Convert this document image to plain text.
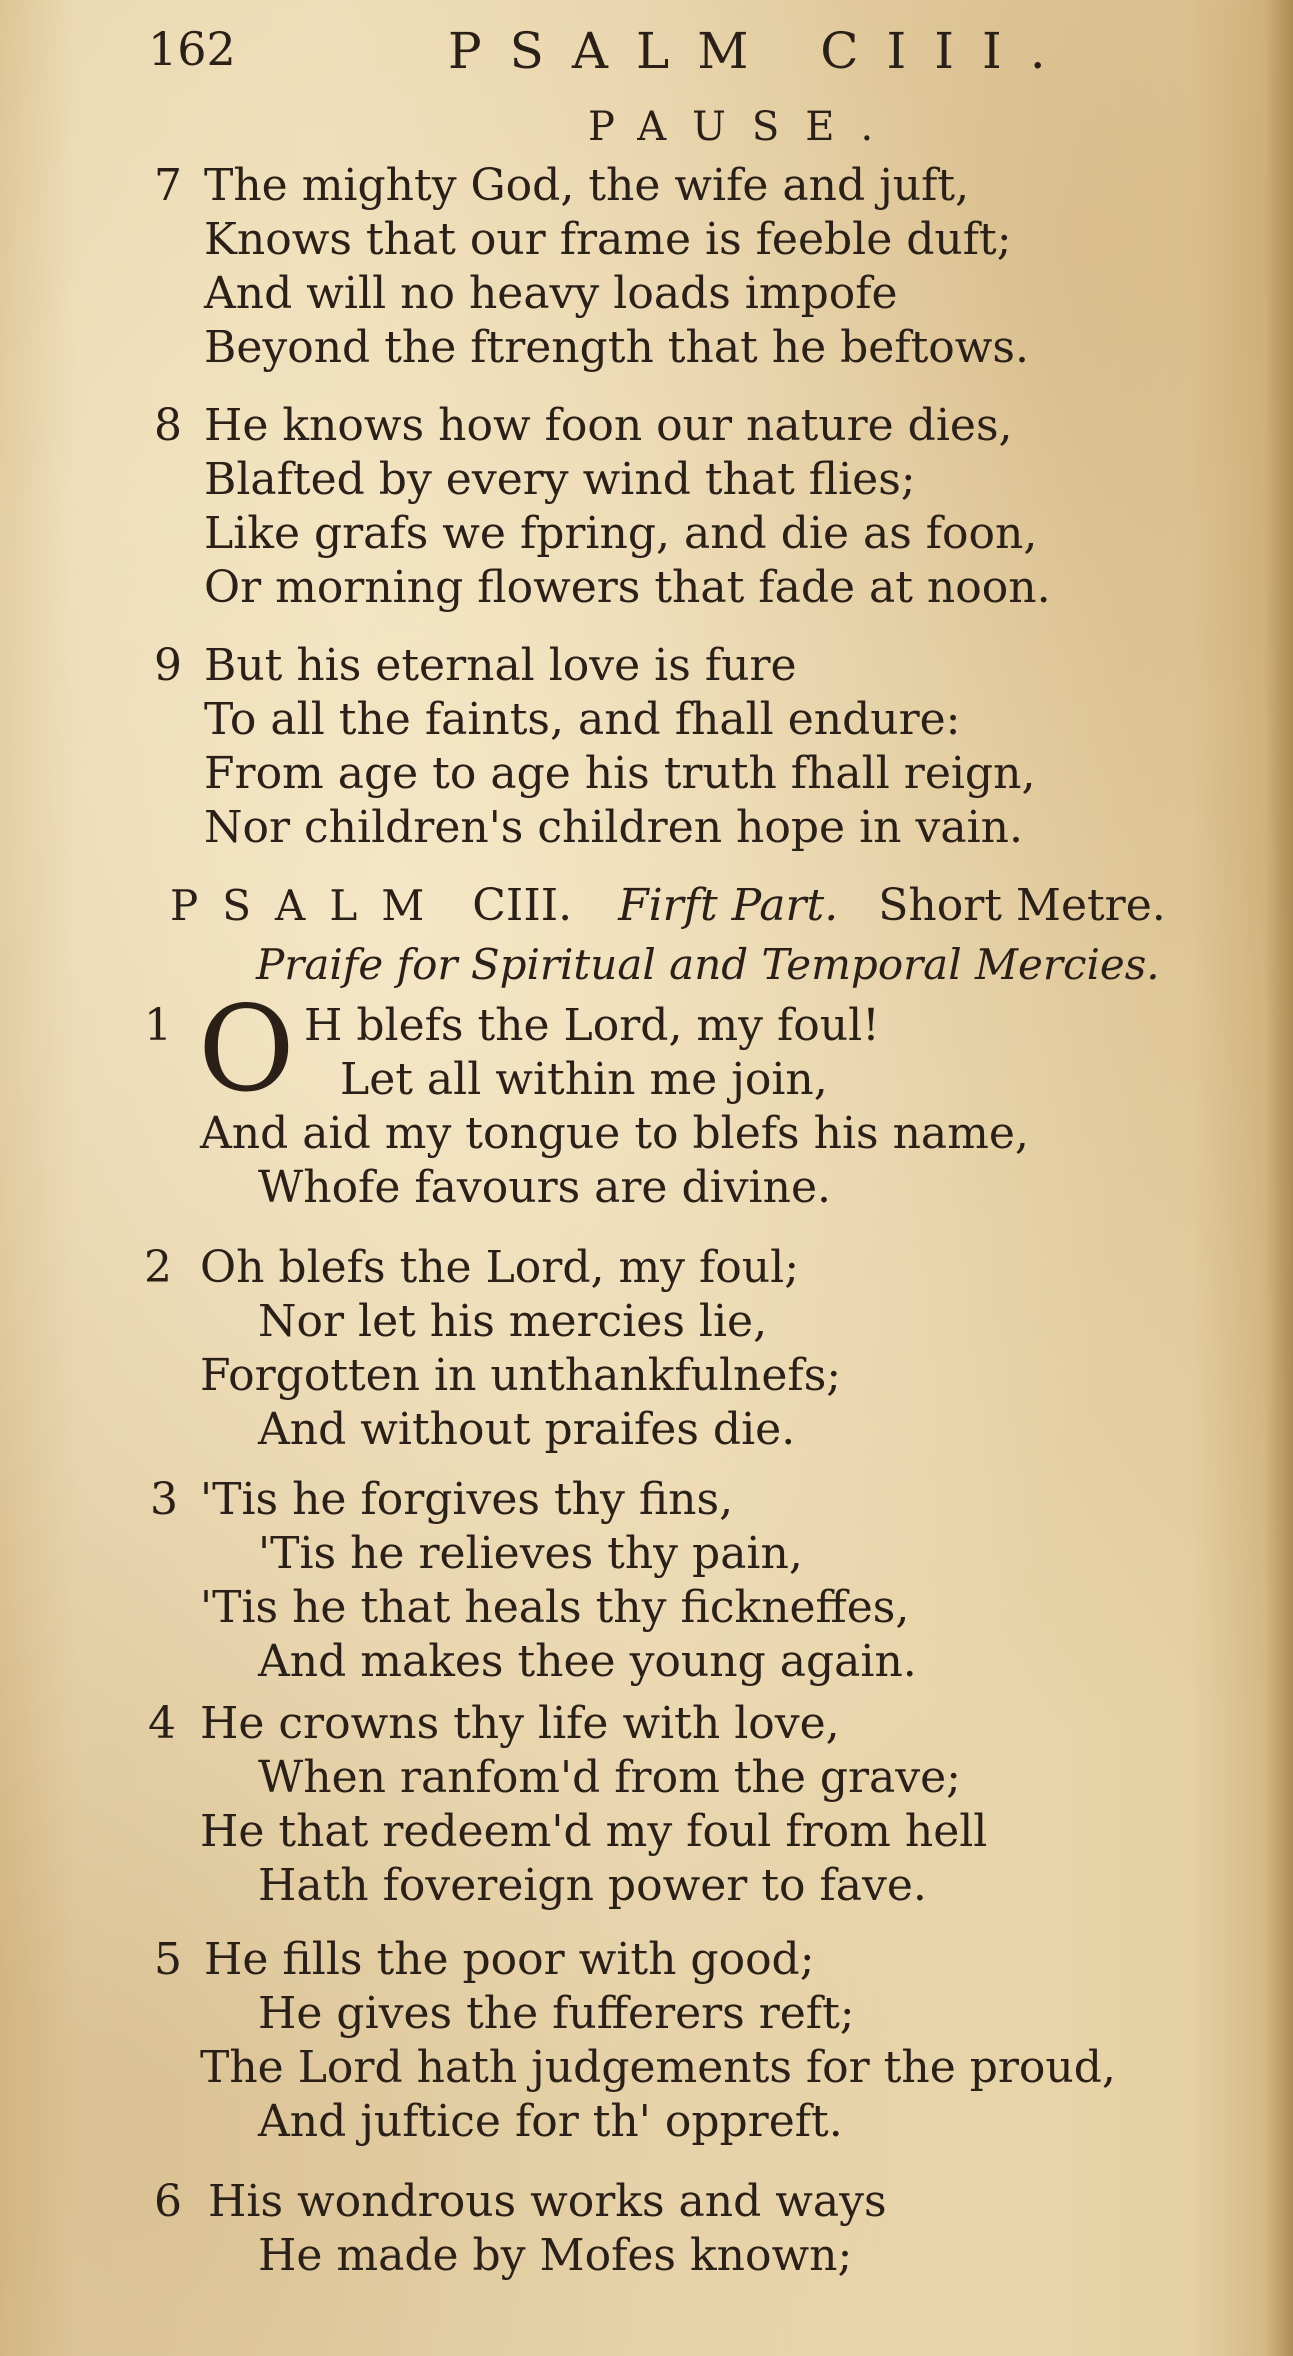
162	PSALM CIII.
PAUSE.
7 The mighty God, the wife and juft,
Knows that our frame is feeble duft;
And will no heavy loads impofe
Beyond the ftrength that he beftows.
8 He knows how foon our nature dies,
Blafted by every wind that flies;
Like grafs we fpring, and die as foon,
Or morning flowers that fade at noon.
9 But his eternal love is fure
To all the faints, and fhall endure:
From age to age his truth fhall reign,
Nor children's children hope in vain.
PSALM CIII. Firft Part. Short Metre.
Praife for Spiritual and Temporal Mercies.
1 O H blefs the Lord, my foul!
Let all within me join,
And aid my tongue to blefs his name,
Whofe favours are divine.
2 Oh blefs the Lord, my foul;
Nor let his mercies lie,
Forgotten in unthankfulnefs;
And without praifes die.
3 'Tis he forgives thy fins,
'Tis he relieves thy pain,
'Tis he that heals thy fickneffes,
And makes thee young again.
4 He crowns thy life with love,
When ranfom'd from the grave;
He that redeem'd my foul from hell
Hath fovereign power to fave.
5 He fills the poor with good;
He gives the fufferers reft;
The Lord hath judgements for the proud,
And juftice for th' oppreft.
6 His wondrous works and ways
He made by Mofes known;
